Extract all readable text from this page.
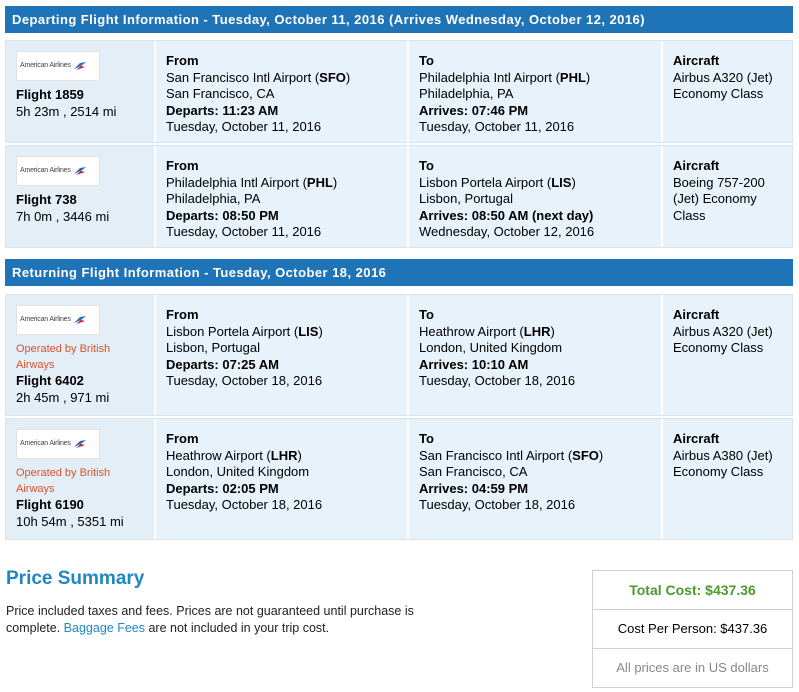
Departing Flight Information - Tuesday, October 11, 2016 (Arrives Wednesday, October 12, 2016)
American Airlines
Flight 1859
5h 23m , 2514 mi
From
San Francisco Intl Airport (SFO)
San Francisco, CA
Departs: 11:23 AM
Tuesday, October 11, 2016
To
Philadelphia Intl Airport (PHL)
Philadelphia, PA
Arrives: 07:46 PM
Tuesday, October 11, 2016
Aircraft
Airbus A320 (Jet) Economy Class
American Airlines
Flight 738
7h 0m , 3446 mi
From
Philadelphia Intl Airport (PHL)
Philadelphia, PA
Departs: 08:50 PM
Tuesday, October 11, 2016
To
Lisbon Portela Airport (LIS)
Lisbon, Portugal
Arrives: 08:50 AM (next day)
Wednesday, October 12, 2016
Aircraft
Boeing 757-200 (Jet) Economy Class
American Airlines
Operated by British Airways
Flight 6402
2h 45m , 971 mi
From
Lisbon Portela Airport (LIS)
Lisbon, Portugal
Departs: 07:25 AM
Tuesday, October 18, 2016
To
Heathrow Airport (LHR)
London, United Kingdom
Arrives: 10:10 AM
Tuesday, October 18, 2016
Aircraft
Airbus A320 (Jet) Economy Class
American Airlines
Operated by British Airways
Flight 6190
10h 54m , 5351 mi
From
Heathrow Airport (LHR)
London, United Kingdom
Departs: 02:05 PM
Tuesday, October 18, 2016
To
San Francisco Intl Airport (SFO)
San Francisco, CA
Arrives: 04:59 PM
Tuesday, October 18, 2016
Aircraft
Airbus A380 (Jet) Economy Class
Returning Flight Information - Tuesday, October 18, 2016
Price Summary
Price included taxes and fees. Prices are not guaranteed until purchase is complete. Baggage Fees are not included in your trip cost.
Total Cost: $437.36
Cost Per Person: $437.36
All prices are in US dollars
